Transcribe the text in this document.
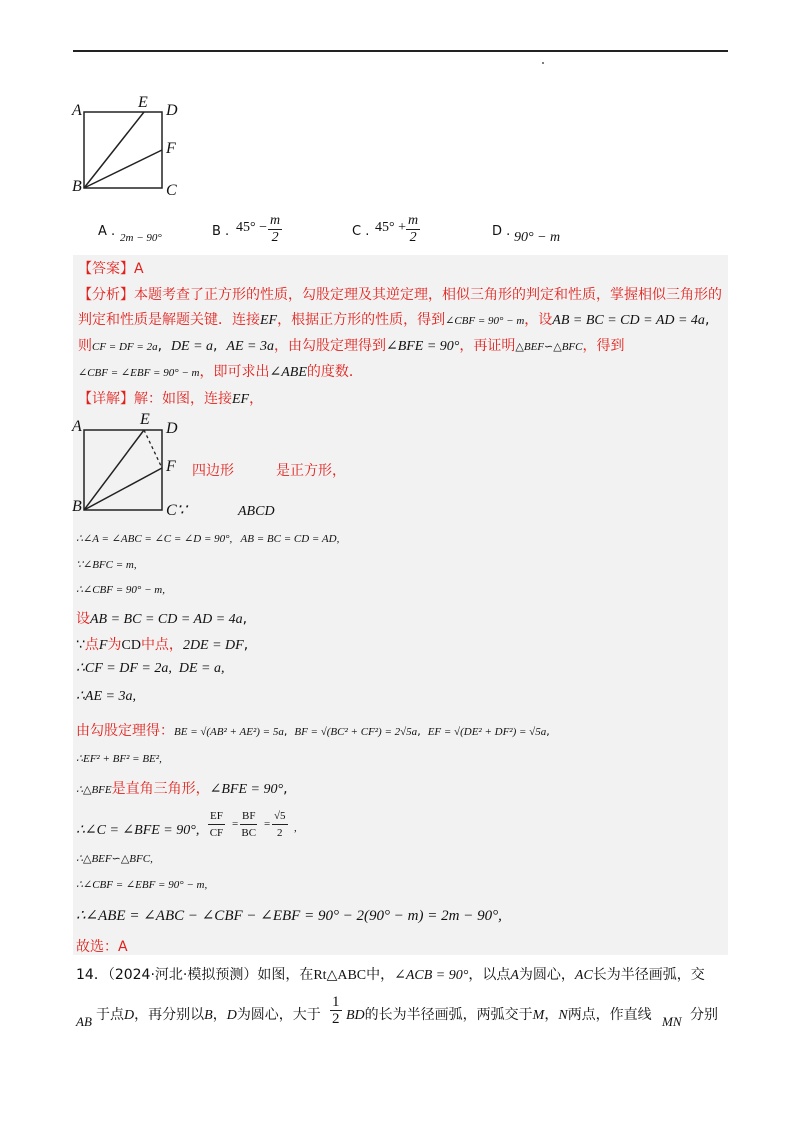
A	E D
F
B	C
A . 2m − 90°	B . $45^\circ - \frac{m}{2}$	C . $45^\circ + \frac{m}{2}$	D . 90° − m
【答案】A
【分析】本题考查了正方形的性质，勾股定理及其逆定理，相似三角形的判定和性质，掌握相似三角形的
判定和性质是解题关键．连接EF，根据正方形的性质，得到∠CBF = 90° − m，设AB = BC = CD = AD = 4a,
则CF = DF = 2a,  DE = a,  AE = 3a，由勾股定理得到∠BFE = 90°，再证明△BEF∽△BFC，得到
∠CBF = ∠EBF = 90° − m，即可求出∠ABE的度数．
【详解】解：如图，连接EF，
A	E
D
F
B
四边形	是正方形，
C∵	ABCD
∴∠A = ∠ABC = ∠C = ∠D = 90°,   AB = BC = CD = AD,
∵∠BFC = m,
∴∠CBF = 90° − m,
设AB = BC = CD = AD = 4a,
∵点F为CD中点，2DE = DF,
∴CF = DF = 2a,  DE = a,
∴AE = 3a,
由勾股定理得：BE = √(AB² + AE²) = 5a,  BF = √(BC² + CF²) = 2√5a,  EF = √(DE² + DF²) = √5a,
∴EF² + BF² = BE²,
∴△BFE是直角三角形，∠BFE = 90°,
∴∠C = ∠BFE = 90°, $\frac{EF}{CF} = \frac{BF}{BC} = \frac{√5}{2}$ ,
∴△BEF∽△BFC,
∴∠CBF = ∠EBF = 90° − m,
∴∠ABE = ∠ABC − ∠CBF − ∠EBF = 90° − 2(90° − m) = 2m − 90°,
故选：A
14．（2024·河北·模拟预测）如图，在Rt△ABC中，∠ACB = 90°，以点A为圆心，AC长为半径画弧，交
AB 于点D，再分别以B，D为圆心，大于 $\frac{1}{2}$ BD的长为半径画弧，两弧交于M，N两点，作直线 MN 分别
